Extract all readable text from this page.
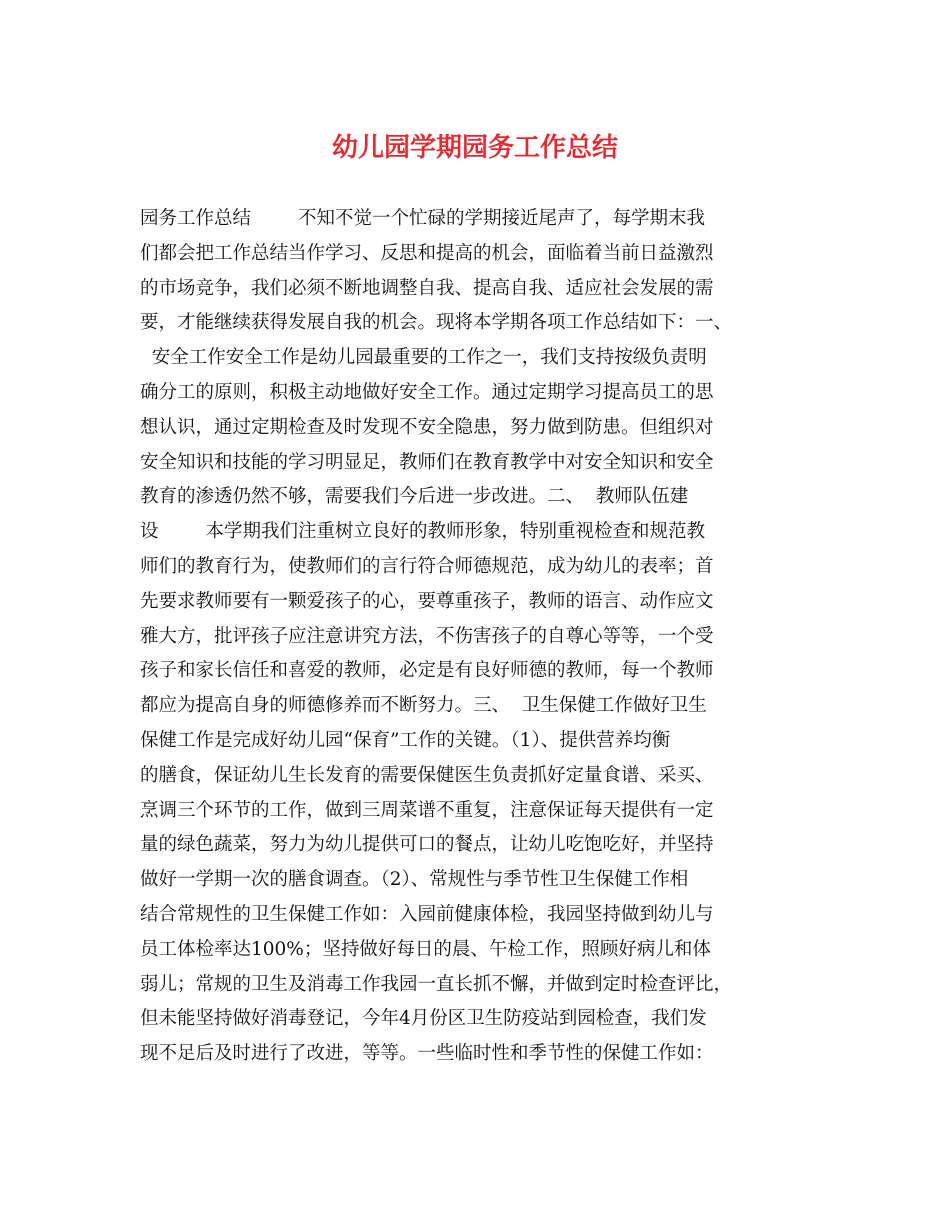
幼儿园学期园务工作总结
园务工作总结        不知不觉一个忙碌的学期接近尾声了，每学期末我
们都会把工作总结当作学习、反思和提高的机会，面临着当前日益激烈
的市场竞争，我们必须不断地调整自我、提高自我、适应社会发展的需
要，才能继续获得发展自我的机会。现将本学期各项工作总结如下：一、
安全工作安全工作是幼儿园最重要的工作之一，我们支持按级负责明
确分工的原则，积极主动地做好安全工作。通过定期学习提高员工的思
想认识，通过定期检查及时发现不安全隐患，努力做到防患。但组织对
安全知识和技能的学习明显足，教师们在教育教学中对安全知识和安全
教育的渗透仍然不够，需要我们今后进一步改进。二、  教师队伍建
设        本学期我们注重树立良好的教师形象，特别重视检查和规范教
师们的教育行为，使教师们的言行符合师德规范，成为幼儿的表率；首
先要求教师要有一颗爱孩子的心，要尊重孩子，教师的语言、动作应文
雅大方，批评孩子应注意讲究方法，不伤害孩子的自尊心等等，一个受
孩子和家长信任和喜爱的教师，必定是有良好师德的教师，每一个教师
都应为提高自身的师德修养而不断努力。三、  卫生保健工作做好卫生
保健工作是完成好幼儿园“保育”工作的关键。（1）、提供营养均衡
的膳食，保证幼儿生长发育的需要保健医生负责抓好定量食谱、采买、
烹调三个环节的工作，做到三周菜谱不重复，注意保证每天提供有一定
量的绿色蔬菜，努力为幼儿提供可口的餐点，让幼儿吃饱吃好，并坚持
做好一学期一次的膳食调查。（2）、常规性与季节性卫生保健工作相
结合常规性的卫生保健工作如：入园前健康体检，我园坚持做到幼儿与
员工体检率达100%；坚持做好每日的晨、午检工作，照顾好病儿和体
弱儿；常规的卫生及消毒工作我园一直长抓不懈，并做到定时检查评比，
但未能坚持做好消毒登记，今年4月份区卫生防疫站到园检查，我们发
现不足后及时进行了改进，等等。一些临时性和季节性的保健工作如：
